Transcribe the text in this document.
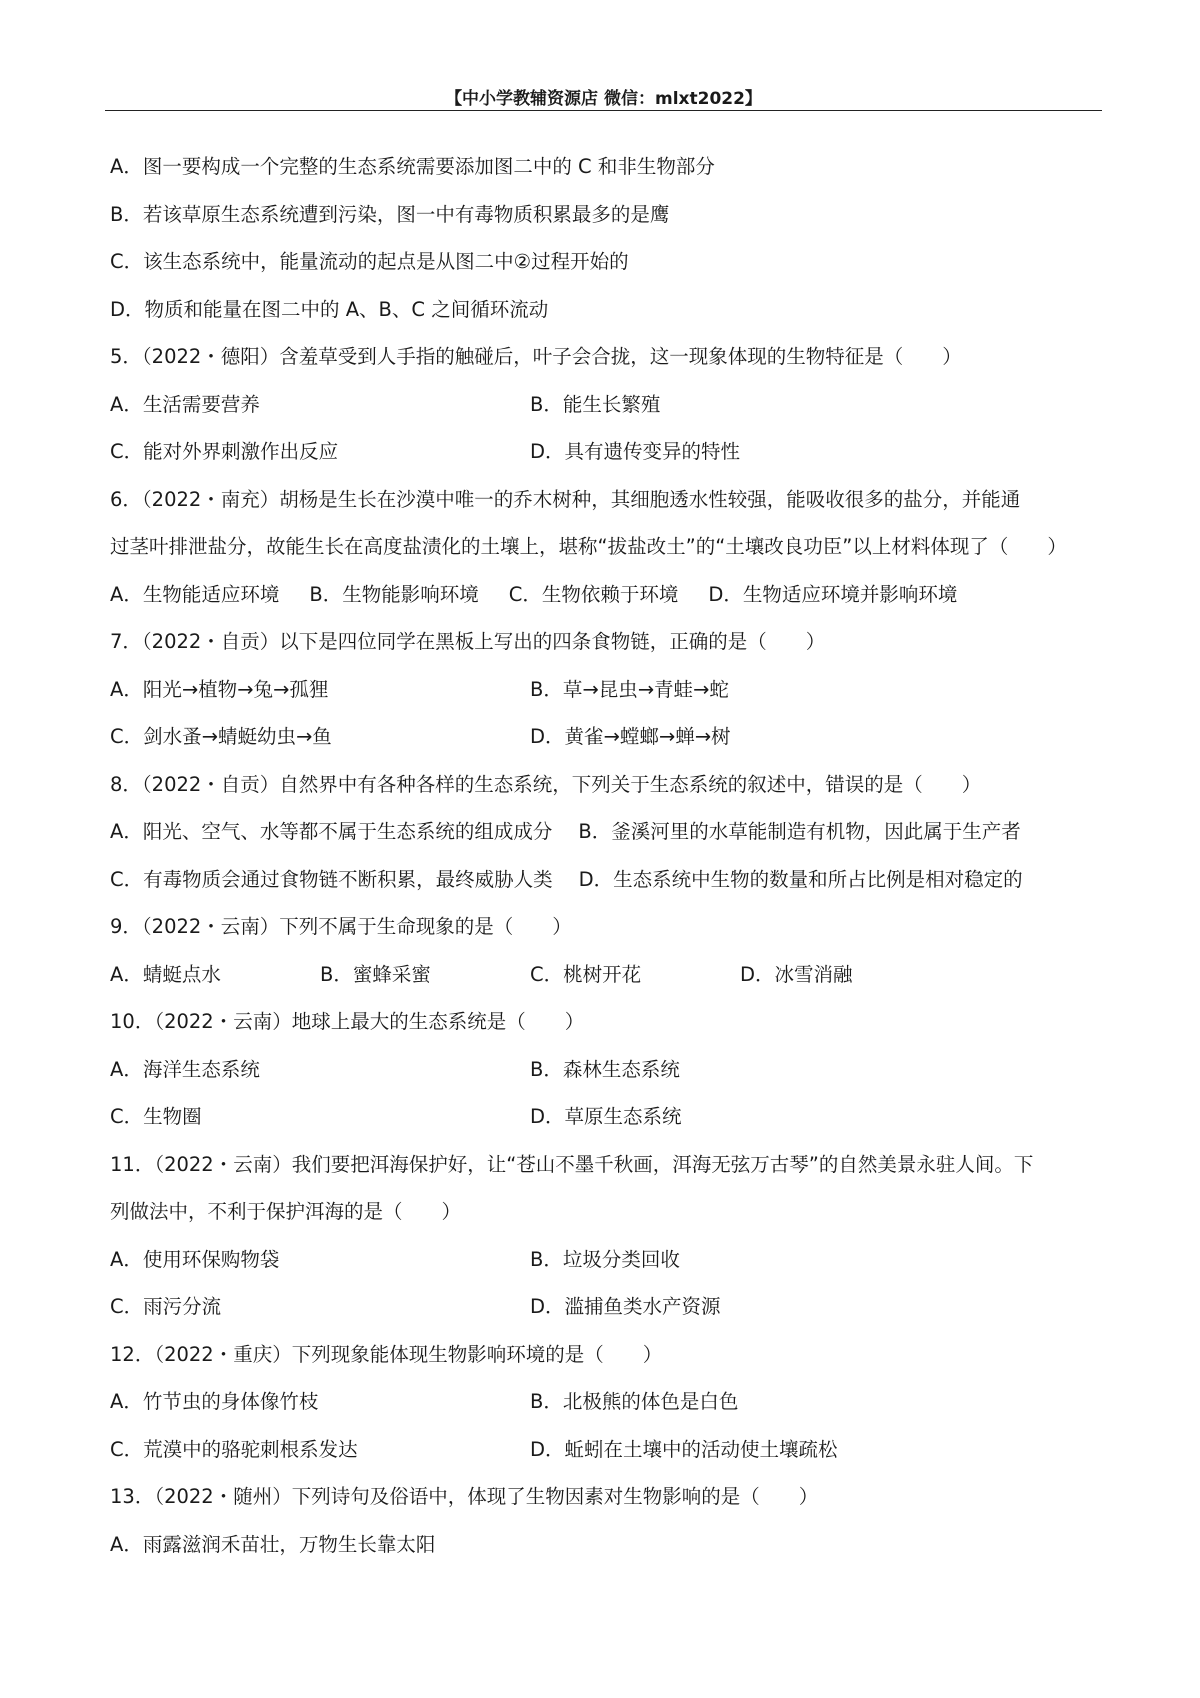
【中小学教辅资源店 微信：mlxt2022】
A．图一要构成一个完整的生态系统需要添加图二中的 C 和非生物部分
B．若该草原生态系统遭到污染，图一中有毒物质积累最多的是鹰
C．该生态系统中，能量流动的起点是从图二中②过程开始的
D．物质和能量在图二中的 A、B、C 之间循环流动
5．（2022・德阳）含羞草受到人手指的触碰后，叶子会合拢，这一现象体现的生物特征是（　　）
A．生活需要营养	B．能生长繁殖
C．能对外界刺激作出反应	D．具有遗传变异的特性
6．（2022・南充）胡杨是生长在沙漠中唯一的乔木树种，其细胞透水性较强，能吸收很多的盐分，并能通
过茎叶排泄盐分，故能生长在高度盐渍化的土壤上，堪称“拔盐改土”的“土壤改良功臣”以上材料体现了（　　）
A．生物能适应环境 B．生物能影响环境 C．生物依赖于环境 D．生物适应环境并影响环境
7．（2022・自贡）以下是四位同学在黑板上写出的四条食物链，正确的是（　　）
A．阳光→植物→兔→孤狸	B．草→昆虫→青蛙→蛇
C．剑水蚤→蜻蜓幼虫→鱼	D．黄雀→螳螂→蝉→树
8．（2022・自贡）自然界中有各种各样的生态系统，下列关于生态系统的叙述中，错误的是（　　）
A．阳光、空气、水等都不属于生态系统的组成成分 B．釜溪河里的水草能制造有机物，因此属于生产者
C．有毒物质会通过食物链不断积累，最终威胁人类 D．生态系统中生物的数量和所占比例是相对稳定的
9．（2022・云南）下列不属于生命现象的是（　　）
A．蜻蜓点水	B．蜜蜂采蜜	C．桃树开花	D．冰雪消融
10．（2022・云南）地球上最大的生态系统是（　　）
A．海洋生态系统	B．森林生态系统
C．生物圈	D．草原生态系统
11．（2022・云南）我们要把洱海保护好，让“苍山不墨千秋画，洱海无弦万古琴”的自然美景永驻人间。下
列做法中，不利于保护洱海的是（　　）
A．使用环保购物袋	B．垃圾分类回收
C．雨污分流	D．滥捕鱼类水产资源
12．（2022・重庆）下列现象能体现生物影响环境的是（　　）
A．竹节虫的身体像竹枝	B．北极熊的体色是白色
C．荒漠中的骆驼刺根系发达	D．蚯蚓在土壤中的活动使土壤疏松
13．（2022・随州）下列诗句及俗语中，体现了生物因素对生物影响的是（　　）
A．雨露滋润禾苗壮，万物生长靠太阳
